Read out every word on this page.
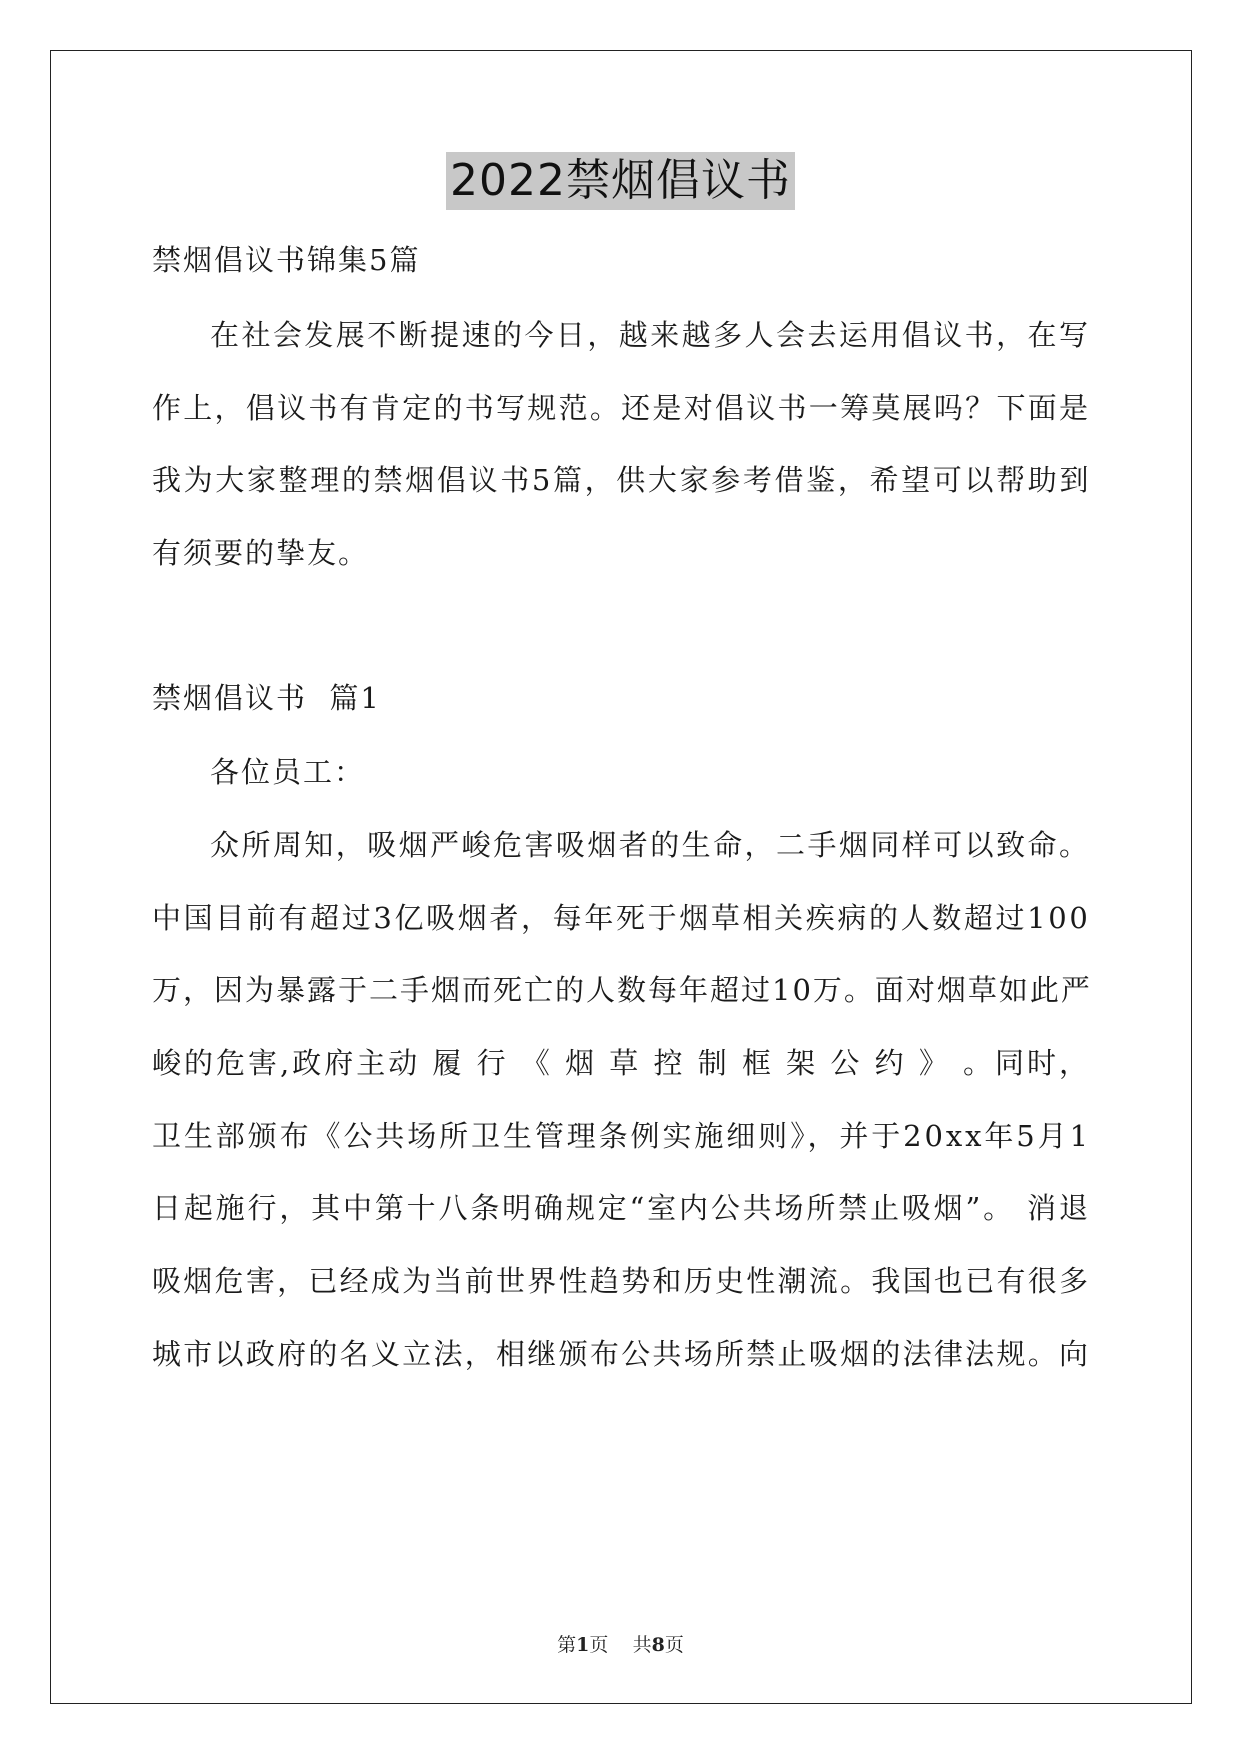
2022禁烟倡议书
禁烟倡议书锦集5篇
在社会发展不断提速的今日，越来越多人会去运用倡议书，在写
作上，倡议书有肯定的书写规范。还是对倡议书一筹莫展吗？下面是
我为大家整理的禁烟倡议书5篇，供大家参考借鉴，希望可以帮助到
有须要的挚友。
禁烟倡议书  篇1
各位员工：
众所周知，吸烟严峻危害吸烟者的生命，二手烟同样可以致命。
中国目前有超过3亿吸烟者，每年死于烟草相关疾病的人数超过100
万，因为暴露于二手烟而死亡的人数每年超过10万。面对烟草如此严
峻的危害,政府主动 履 行 《 烟 草 控 制 框 架 公 约 》 。同时，
卫生部颁布《公共场所卫生管理条例实施细则》，并于20xx年5月1
日起施行，其中第十八条明确规定“室内公共场所禁止吸烟”。 消退
吸烟危害，已经成为当前世界性趋势和历史性潮流。我国也已有很多
城市以政府的名义立法，相继颁布公共场所禁止吸烟的法律法规。向
第1页    共8页
